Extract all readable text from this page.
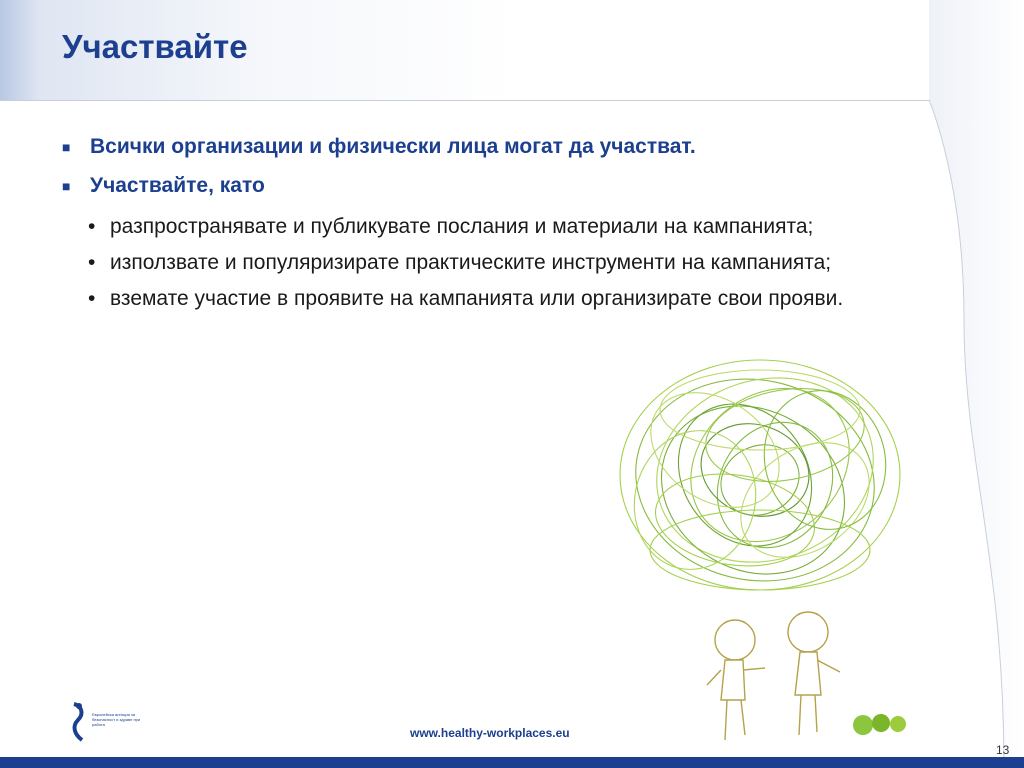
Участвайте
■ Всички организации и физически лица могат да участват.
■ Участвайте, като
• разпространявате и публикувате послания и материали на кампанията;
• използвате и популяризирате практическите инструменти на кампанията;
• вземате участие в проявите на кампанията или организирате свои прояви.
Европейска агенция за безопасност и здраве при работа
www.healthy-workplaces.eu
13
